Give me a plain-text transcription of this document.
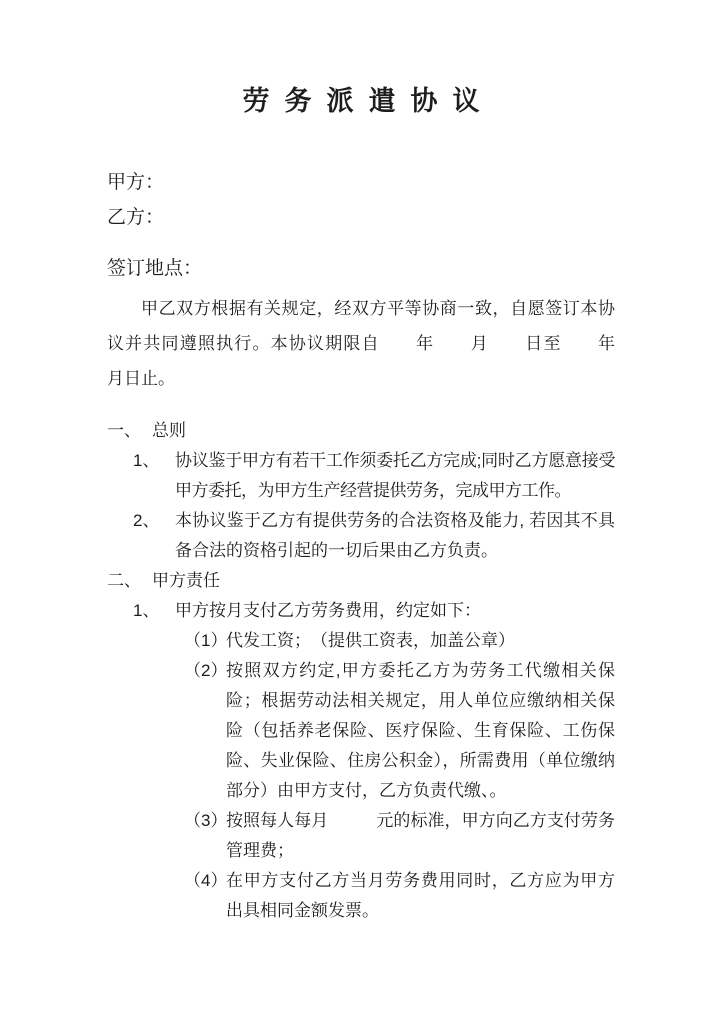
劳务派遣协议
甲方：
乙方：
签订地点：

甲乙双方根据有关规定，经双方平等协商一致，自愿签订本协议并共同遵照执行。本协议期限自　　年　　月　　日至　　年　　月日止。

一、 总则
1、 协议鉴于甲方有若干工作须委托乙方完成;同时乙方愿意接受甲方委托，为甲方生产经营提供劳务，完成甲方工作。
2、 本协议鉴于乙方有提供劳务的合法资格及能力, 若因其不具备合法的资格引起的一切后果由乙方负责。
二、 甲方责任
1、 甲方按月支付乙方劳务费用，约定如下：
（1）
代发工资；　（提供工资表，加盖公章）
（2）
按照双方约定,甲方委托乙方为劳务工代缴相关保险；根据劳动法相关规定，用人单位应缴纳相关保险（包括养老保险、医疗保险、生育保险、工伤保险、失业保险、住房公积金），所需费用（单位缴纳部分）由甲方支付，乙方负责代缴、。
（3）
按照每人每月	元的标准，甲方向乙方支付劳务管理费；
（4）
在甲方支付乙方当月劳务费用同时，乙方应为甲方出具相同金额发票。
